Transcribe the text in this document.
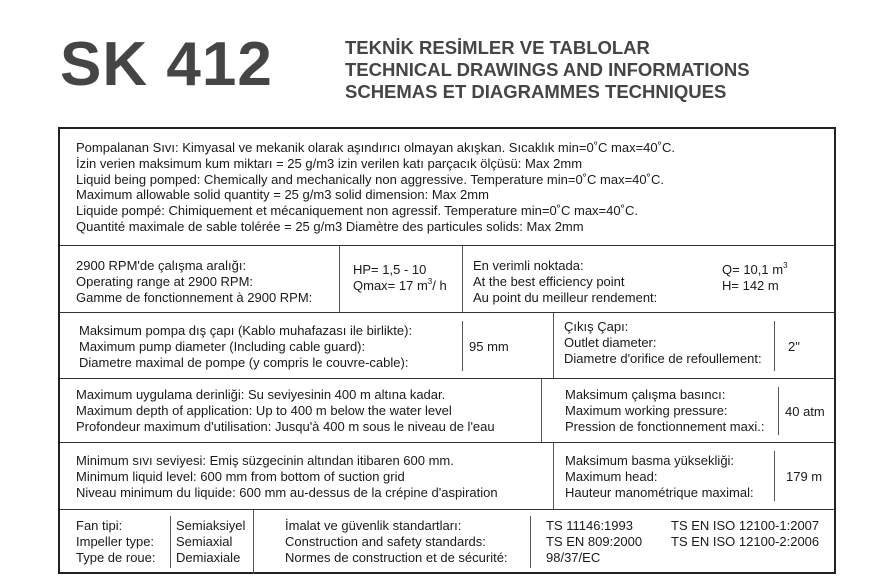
SK 412	TEKNİK RESİMLER VE TABLOLAR
TECHNICAL DRAWINGS AND INFORMATIONS
SCHEMAS ET DIAGRAMMES TECHNIQUES
Pompalanan Sıvı: Kimyasal ve mekanik olarak aşındırıcı olmayan akışkan. Sıcaklık min=0˚C max=40˚C.
İzin verien maksimum kum miktarı = 25 g/m3 izin verilen katı parçacık ölçüsü: Max 2mm
Liquid being pomped: Chemically and mechanically non aggressive. Temperature min=0˚C max=40˚C.
Maximum allowable solid quantity = 25 g/m3 solid dimension: Max 2mm
Liquide pompé: Chimiquement et mécaniquement non agressif. Temperature min=0˚C max=40˚C.
Quantité maximale de sable tolérée = 25 g/m3 Diamètre des particules solids: Max 2mm
2900 RPM'de çalışma aralığı:
Operating range at 2900 RPM:
Gamme de fonctionnement à 2900 RPM:
HP= 1,5 - 10
Qmax= 17 $m^3/$ h
En verimli noktada:
At the best efficiency point
Au point du meilleur rendement:
Q= 10,1 $m^3$
H= 142 m
Maksimum pompa dış çapı (Kablo muhafazası ile birlikte):
Maximum pump diameter (Including cable guard):
Diametre maximal de pompe (y compris le couvre-cable):
95 mm
Çıkış Çapı:
Outlet diameter:
Diametre d'orifice de refoullement:
2"
Maximum uygulama derinliği: Su seviyesinin 400 m altına kadar.
Maximum depth of application: Up to 400 m below the water level
Profondeur maximum d'utilisation: Jusqu'à 400 m sous le niveau de l'eau
Maksimum çalışma basıncı:
Maximum working pressure:
Pression de fonctionnement maxi.:
40 atm
Minimum sıvı seviyesi: Emiş süzgecinin altından itibaren 600 mm.
Minimum liquid level: 600 mm from bottom of suction grid
Niveau minimum du liquide: 600 mm au-dessus de la crépine d'aspiration
Maksimum basma yüksekliği:
Maximum head:
Hauteur manométrique maximal:
179 m
Fan tipi:
Impeller type:
Type de roue:
Semiaksiyel
Semiaxial
Demiaxiale
İmalat ve güvenlik standartları:
Construction and safety standards:
Normes de construction et de sécurité:
TS 11146:1993
TS EN 809:2000
98/37/EC
TS EN ISO 12100-1:2007
TS EN ISO 12100-2:2006
